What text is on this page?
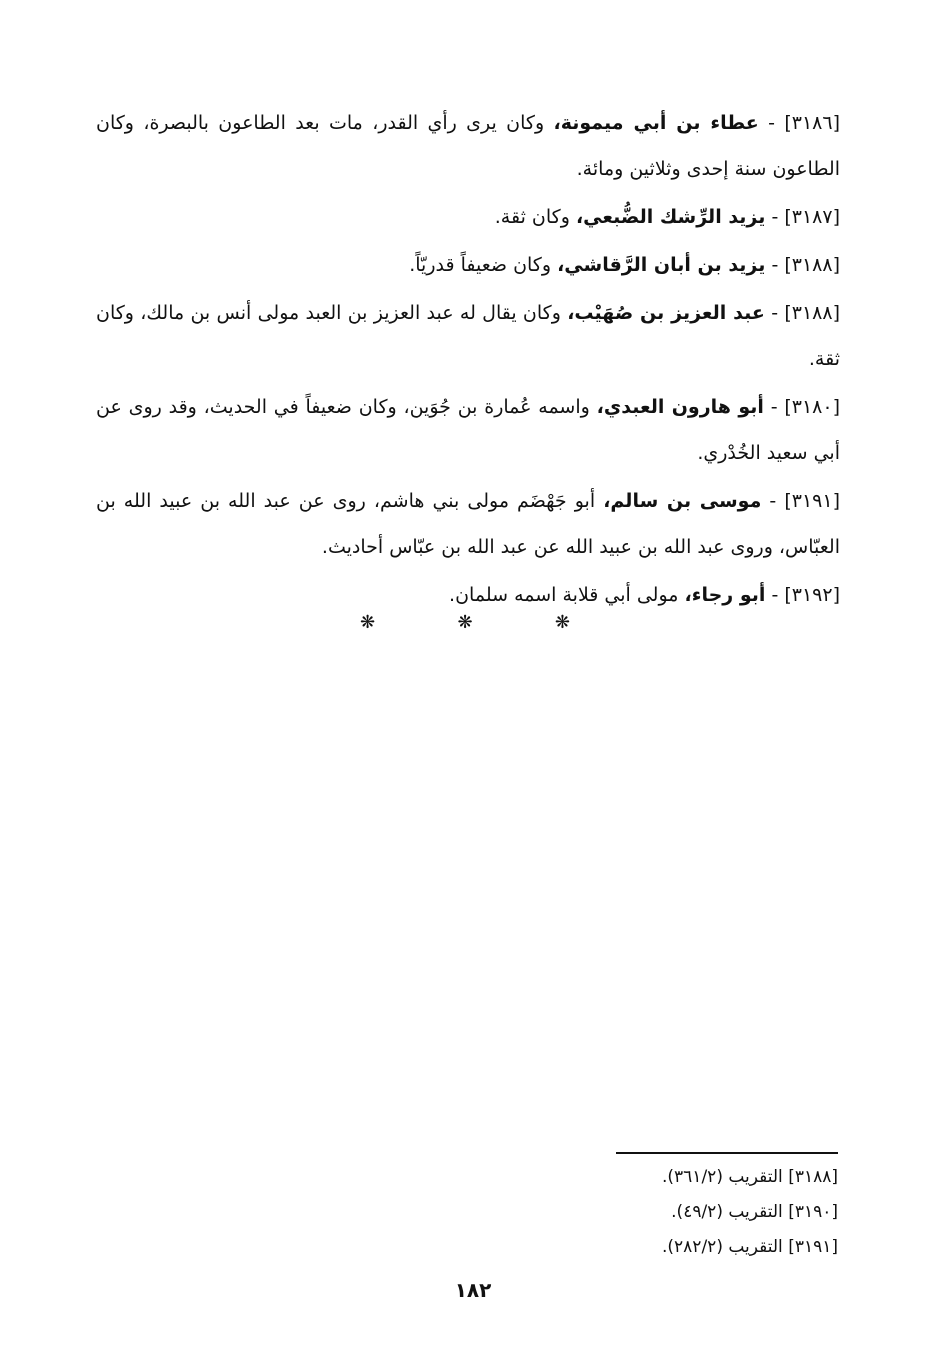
[٣١٨٦] - عطاء بن أبي ميمونة، وكان يرى رأي القدر، مات بعد الطاعون بالبصرة، وكان الطاعون سنة إحدى وثلاثين ومائة.

[٣١٨٧] - يزيد الرِّشك الضُّبعي، وكان ثقة.

[٣١٨٨] - يزيد بن أبان الرَّقاشي، وكان ضعيفاً قدريّاً.

[٣١٨٨] - عبد العزيز بن صُهَيْب، وكان يقال له عبد العزيز بن العبد مولى أنس بن مالك، وكان ثقة.

[٣١٨٠] - أبو هارون العبدي، واسمه عُمارة بن جُوَين، وكان ضعيفاً في الحديث، وقد روى عن أبي سعيد الخُدْري.

[٣١٩١] - موسى بن سالم، أبو جَهْضَم مولى بني هاشم، روى عن عبد الله بن عبيد الله بن العبّاس، وروى عبد الله بن عبيد الله عن عبد الله بن عبّاس أحاديث.

[٣١٩٢] - أبو رجاء، مولى أبي قلابة اسمه سلمان.

❋	❋	❋

[٣١٨٨] التقريب (٣٦١/٢).

[٣١٩٠] التقريب (٤٩/٢).

[٣١٩١] التقريب (٢٨٢/٢).

١٨٢
